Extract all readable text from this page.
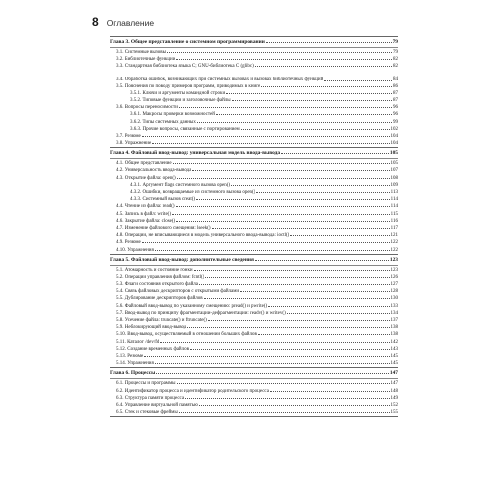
8 Оглавление
Глава 3. Общее представление о системном программировании	79
3.1. Системные вызовы	79
3.2. Библиотечные функции	82
3.3. Стандартная библиотека языка C; GNU-библиотека C (glibc)	82
3.4. Обработка ошибок, возникающих при системных вызовах и вызовах библиотечных функций	84
3.5. Пояснения по поводу примеров программ, приводимых в книге	86
3.5.1. Ключи и аргументы командной строки	87
3.5.2. Типовые функции и заголовочные файлы	87
3.6. Вопросы переносимости	96
3.6.1. Макросы проверки возможностей	96
3.6.2. Типы системных данных	99
3.6.3. Прочие вопросы, связанные с портированием	102
3.7. Резюме	104
3.8. Упражнение	104
Глава 4. Файловый ввод-вывод: универсальная модель ввода-вывода	105
4.1. Общее представление	105
4.2. Универсальность ввода-вывода	107
4.3. Открытие файла: open()	108
4.3.1. Аргумент flags системного вызова open()	109
4.3.2. Ошибки, возвращаемые из системного вызова open()	113
4.3.3. Системный вызов creat()	114
4.4. Чтение из файла: read()	114
4.5. Запись в файл: write()	115
4.6. Закрытие файла: close()	116
4.7. Изменение файлового смещения: lseek()	117
4.8. Операции, не вписывающиеся в модель универсального ввода-вывода: ioctl()	121
4.9. Резюме	122
4.10. Упражнения	122
Глава 5. Файловый ввод-вывод: дополнительные сведения	123
5.1. Атомарность и состояние гонки	123
5.2. Операции управления файлом: fcntl()	126
5.3. Флаги состояния открытого файла	127
5.4. Связь файловых дескрипторов с открытыми файлами	128
5.5. Дублирование дескрипторов файлов	130
5.6. Файловый ввод-вывод по указанному смещению: pread() и pwrite()	133
5.7. Ввод-вывод по принципу фрагментации-дефрагментации: readv() и writev()	134
5.8. Усечение файла: truncate() и ftruncate()	137
5.9. Неблокирующий ввод-вывод	138
5.10. Ввод-вывод, осуществляемый в отношении больших файлов	138
5.11. Каталог /dev/fd	142
5.12. Создание временных файлов	143
5.13. Резюме	145
5.14. Упражнения	145
Глава 6. Процессы	147
6.1. Процессы и программы	147
6.2. Идентификатор процесса и идентификатор родительского процесса	148
6.3. Структура памяти процесса	149
6.4. Управление виртуальной памятью	152
6.5. Стек и стековые фреймы	155
